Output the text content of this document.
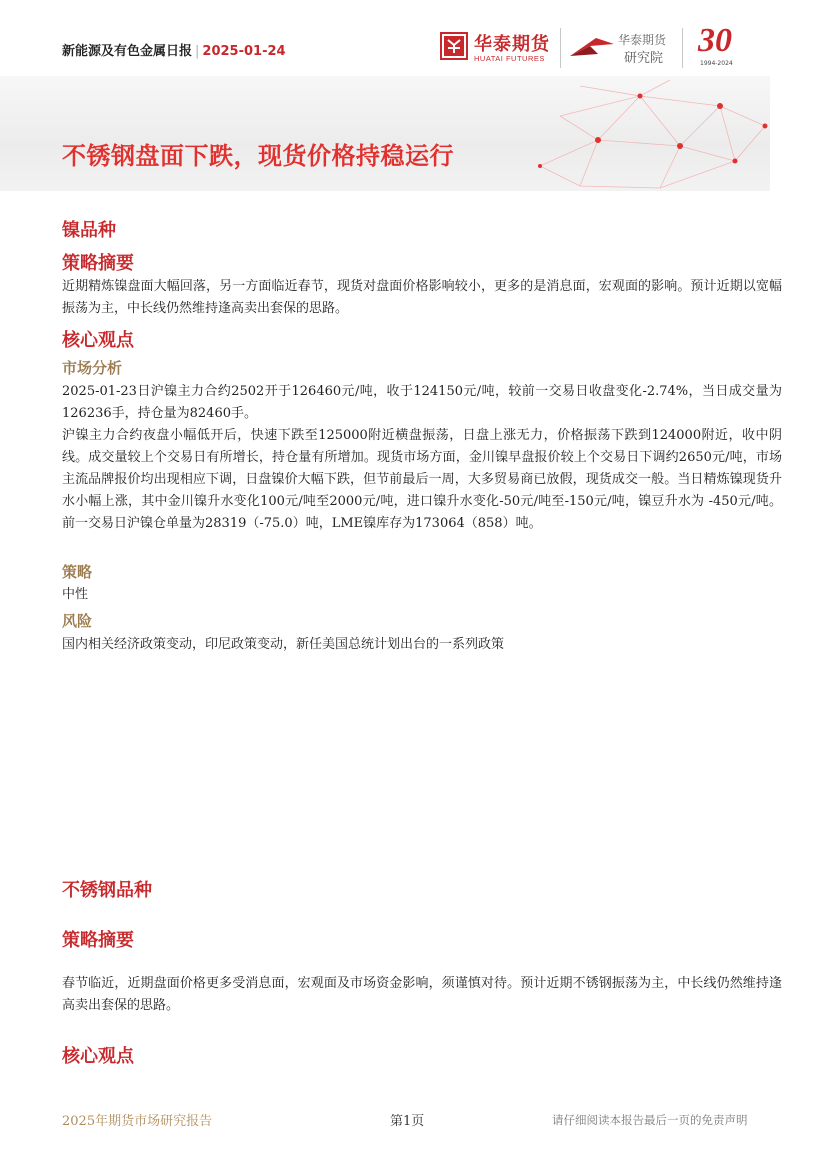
新能源及有色金属日报 | 2025-01-24	华泰期货
HUATAI FUTURES
华泰期货
研究院 30
1994-2024
不锈钢盘面下跌，现货价格持稳运行
镍品种
策略摘要

近期精炼镍盘面大幅回落，另一方面临近春节，现货对盘面价格影响较小，更多的是消息面，宏观面的影响。预计近期以宽幅振荡为主，中长线仍然维持逢高卖出套保的思路。

核心观点
市场分析

2025-01-23日沪镍主力合约2502开于126460元/吨，收于124150元/吨，较前一交易日收盘变化-2.74%，当日成交量为126236手，持仓量为82460手。

沪镍主力合约夜盘小幅低开后，快速下跌至125000附近横盘振荡，日盘上涨无力，价格振荡下跌到124000附近，收中阴线。成交量较上个交易日有所增长，持仓量有所增加。现货市场方面，金川镍早盘报价较上个交易日下调约2650元/吨，市场主流品牌报价均出现相应下调，日盘镍价大幅下跌，但节前最后一周，大多贸易商已放假，现货成交一般。当日精炼镍现货升水小幅上涨，其中金川镍升水变化100元/吨至2000元/吨，进口镍升水变化-50元/吨至-150元/吨，镍豆升水为 -450元/吨。前一交易日沪镍仓单量为28319（-75.0）吨，LME镍库存为173064（858）吨。

策略
中性
风险
国内相关经济政策变动，印尼政策变动，新任美国总统计划出台的一系列政策
不锈钢品种
策略摘要

春节临近，近期盘面价格更多受消息面，宏观面及市场资金影响，须谨慎对待。预计近期不锈钢振荡为主，中长线仍然维持逢高卖出套保的思路。

核心观点
2025年期货市场研究报告	第1页	请仔细阅读本报告最后一页的免责声明
